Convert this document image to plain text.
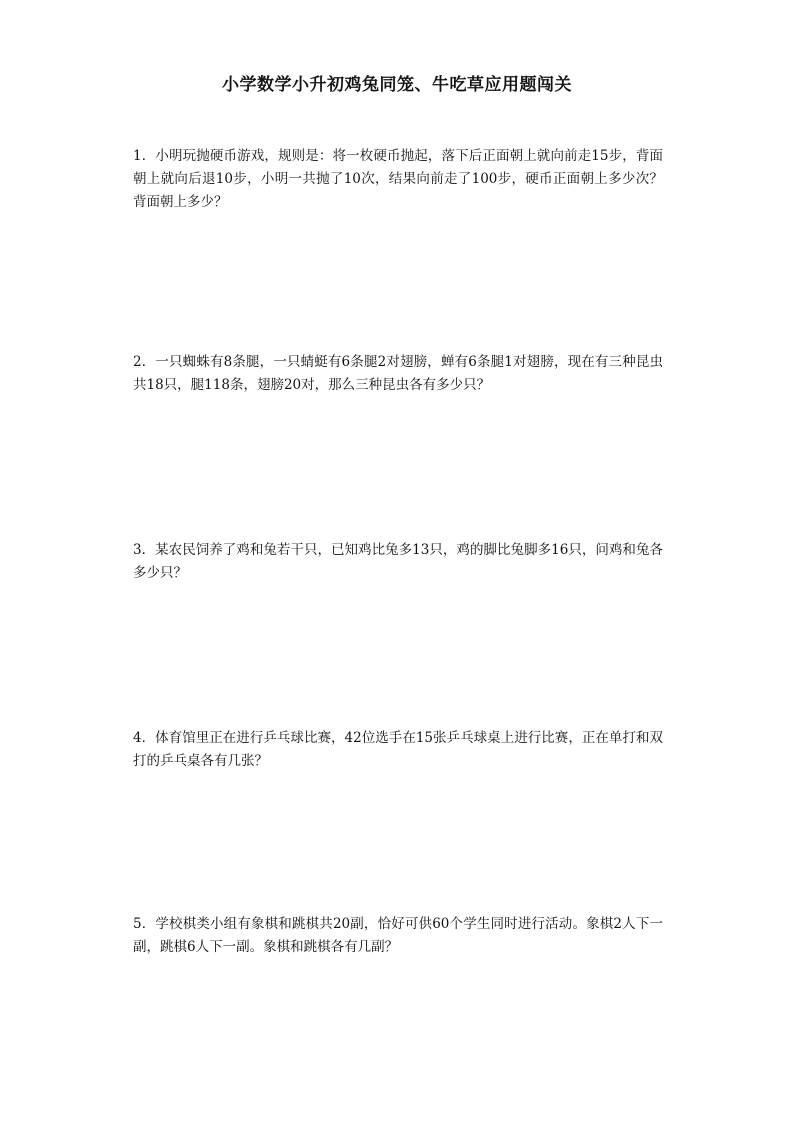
小学数学小升初鸡兔同笼、牛吃草应用题闯关

1．小明玩抛硬币游戏，规则是：将一枚硬币抛起，落下后正面朝上就向前走15步，背面朝上就向后退10步，小明一共抛了10次，结果向前走了100步，硬币正面朝上多少次？背面朝上多少？

2．一只蜘蛛有8条腿，一只蜻蜓有6条腿2对翅膀，蝉有6条腿1对翅膀，现在有三种昆虫共18只，腿118条，翅膀20对，那么三种昆虫各有多少只？

3．某农民饲养了鸡和兔若干只，已知鸡比兔多13只，鸡的脚比兔脚多16只，问鸡和兔各多少只？

4．体育馆里正在进行乒乓球比赛，42位选手在15张乒乓球桌上进行比赛，正在单打和双打的乒乓桌各有几张？

5．学校棋类小组有象棋和跳棋共20副，恰好可供60个学生同时进行活动。象棋2人下一副，跳棋6人下一副。象棋和跳棋各有几副？
